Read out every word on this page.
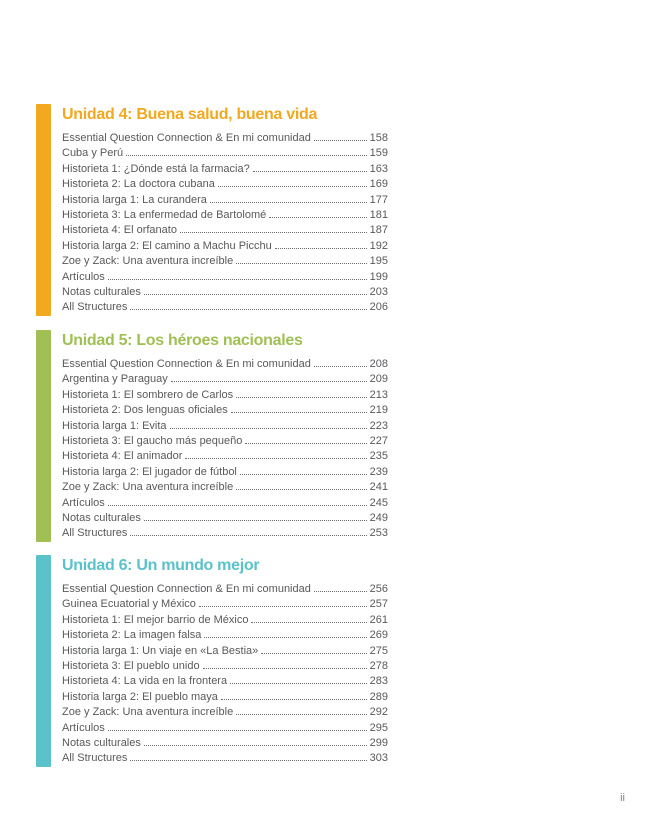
Unidad 4: Buena salud, buena vida
Essential Question Connection & En mi comunidad	158
Cuba y Perú	159
Historieta 1: ¿Dónde está la farmacia?	163
Historieta 2: La doctora cubana	169
Historia larga 1: La curandera	177
Historieta 3: La enfermedad de Bartolomé	181
Historieta 4: El orfanato	187
Historia larga 2: El camino a Machu Picchu	192
Zoe y Zack: Una aventura increíble	195
Artículos	199
Notas culturales	203
All Structures	206
Unidad 5: Los héroes nacionales
Essential Question Connection & En mi comunidad	208
Argentina y Paraguay	209
Historieta 1: El sombrero de Carlos	213
Historieta 2: Dos lenguas oficiales	219
Historia larga 1: Evita	223
Historieta 3: El gaucho más pequeño	227
Historieta 4: El animador	235
Historia larga 2: El jugador de fútbol	239
Zoe y Zack: Una aventura increíble	241
Artículos	245
Notas culturales	249
All Structures	253
Unidad 6: Un mundo mejor
Essential Question Connection & En mi comunidad	256
Guinea Ecuatorial y México	257
Historieta 1: El mejor barrio de México	261
Historieta 2: La imagen falsa	269
Historia larga 1: Un viaje en «La Bestia»	275
Historieta 3: El pueblo unido	278
Historieta 4: La vida en la frontera	283
Historia larga 2: El pueblo maya	289
Zoe y Zack: Una aventura increíble	292
Artículos	295
Notas culturales	299
All Structures	303
ii
